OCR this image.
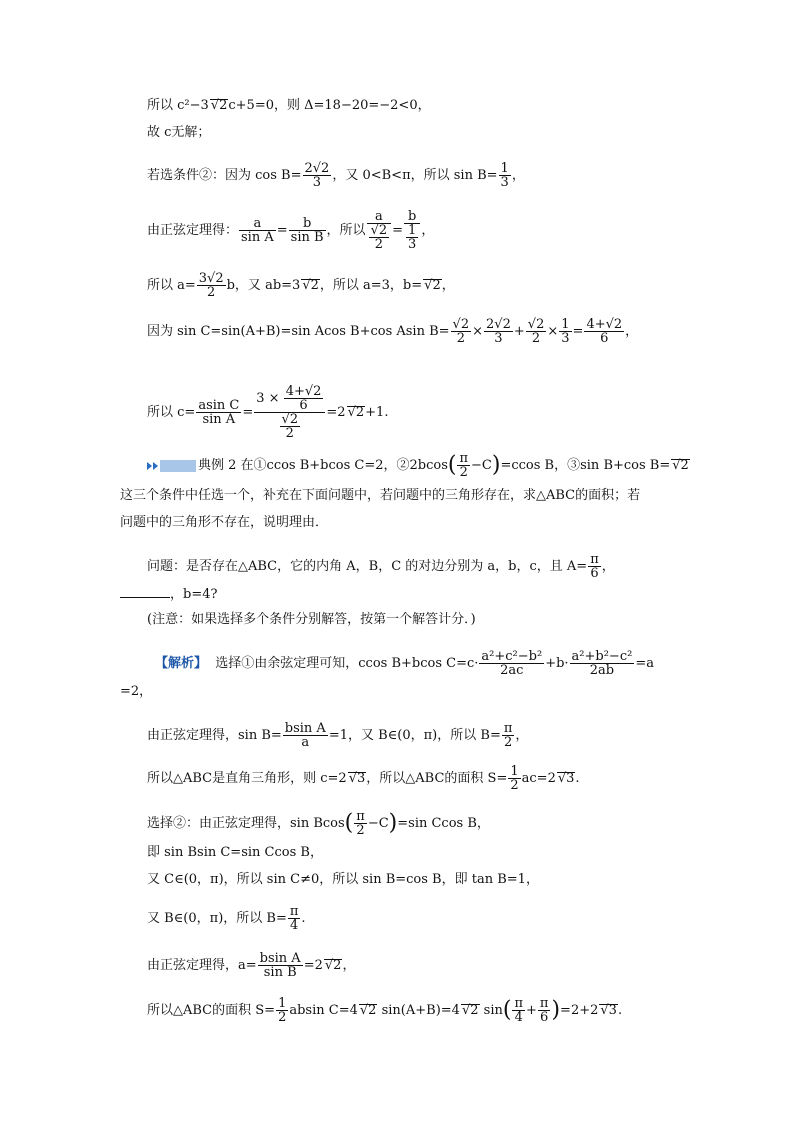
所以 c²−3√ 2c+5=0，则 Δ=18−20=−2<0，
故 c无解；
若选条件②：因为 $\cos B= \frac{2√2}{3}$ ，又 0<B<π，所以 $\sin B= \frac{1}{3}$ ，
由正弦定理得： $\frac{a}{\text{sin A}} = \frac{b}{\text{sin B}}$ ，所以 a
√ $\frac{2}{2} = \frac{b}{\frac{1}{3}}$ ，
所以 $a= \frac{3√2}{2}$ b，又 ab=3√ 2，所以 a=3，b=√ 2，
因为 sin C=sin(A+B)=sin Acos B+cos Asin B=
√ $\frac{2}{2} \times \frac{2√2}{3}$ +
√ $\frac{2}{2} \times \frac{1}{3} = \frac{4+√2}{6}$ ，
所以 $c= \frac{\text{asin C}}{\text{sin A}} = 3 \times \frac{4+√2}{6}$
√ $\frac{2}{2} =2√$ 2+1.
典例 2 在①ccos B+bcos C=2，②2bcos( $\frac{\pi}{2} -C)=ccos$ B，③sin B+cos B=√ 2
这三个条件中任选一个，补充在下面问题中，若问题中的三角形存在，求△ABC的面积；若
问题中的三角形不存在，说明理由．
问题：是否存在△ABC，它的内角 A，B，C 的对边分别为 a，b，c，且 $A= \frac{\pi}{6}$ ，
，b=4?
(注意：如果选择多个条件分别解答，按第一个解答计分．)
【解析】 选择①由余弦定理可知，ccos B+bcos $C=c\cdot \frac{\text{a²+c²−b²}}{2ac} +b\cdot \frac{\text{a²+b²−c²}}{2ab} =a$
=2，
由正弦定理得，$\sin B= \frac{\text{bsin A}}{a} =1$，又 B∈(0，π)，所以 $B= \frac{\pi}{2}$ ，
所以△ABC是直角三角形，则 c=2√ 3，所以△ABC的面积 $S= \frac{1}{2} ac=2√$ 3.
选择②：由正弦定理得，$\sin Bcos( \frac{\pi}{2} -C)=\sin$ Ccos B，
即 sin Bsin C=sin Ccos B，
又 C∈(0，π)，所以 sin C≠0，所以 sin B=cos B，即 tan B=1，
又 B∈(0，π)，所以 $B= \frac{\pi}{4}$ .
由正弦定理得，$a= \frac{\text{bsin A}}{\text{sin B}} =2√$ 2，
所以△ABC的面积 $S= \frac{1}{2}$ absin C=4√ 2 sin(A+B)=4√ 2 $\sin( \frac{\pi}{4} + \frac{\pi}{6} )=2+2√$ 3.
